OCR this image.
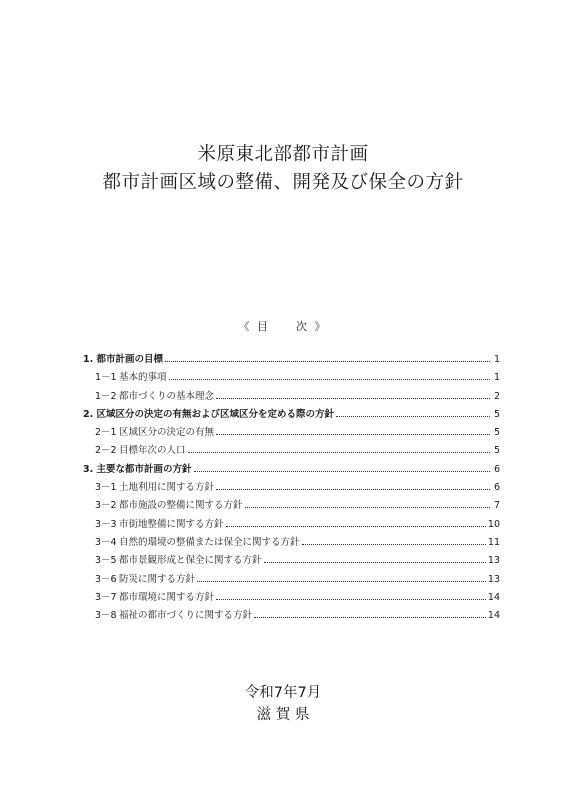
米原東北部都市計画
都市計画区域の整備、開発及び保全の方針
《 目　　次 》
1. 都市計画の目標	1
1－1 基本的事項	1
1－2 都市づくりの基本理念	2
2. 区域区分の決定の有無および区域区分を定める際の方針	5
2－1 区域区分の決定の有無	5
2－2 目標年次の人口	5
3. 主要な都市計画の方針	6
3－1 土地利用に関する方針	6
3－2 都市施設の整備に関する方針	7
3－3 市街地整備に関する方針	10
3－4 自然的環境の整備または保全に関する方針	11
3－5 都市景観形成と保全に関する方針	13
3－6 防災に関する方針	13
3－7 都市環境に関する方針	14
3－8 福祉の都市づくりに関する方針	14
令和7年7月
滋 賀 県
